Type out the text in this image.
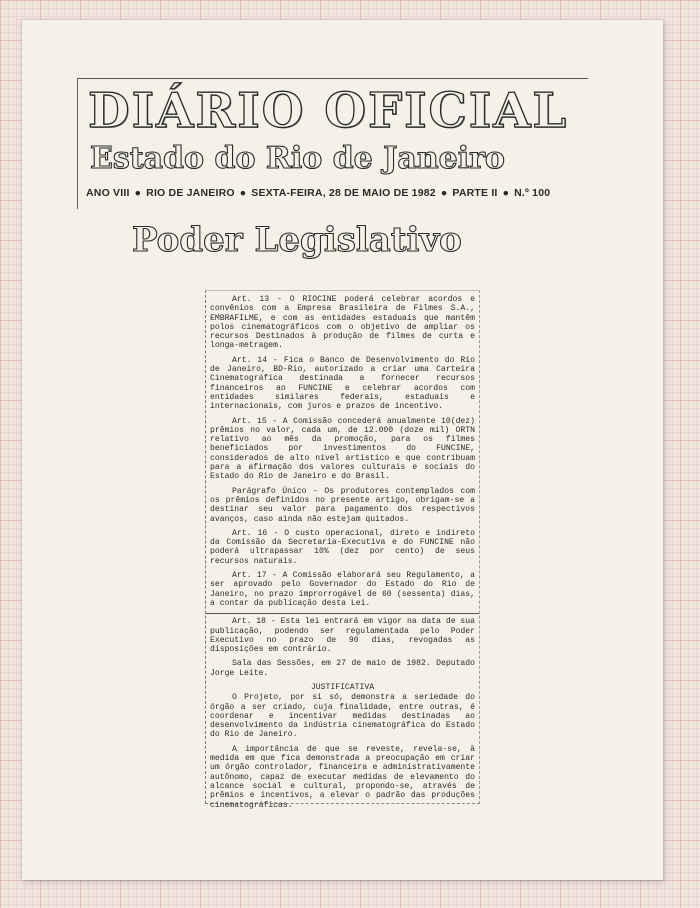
DIÁRIO OFICIAL
Estado do Rio de Janeiro
ANO VIII ● RIO DE JANEIRO ● SEXTA-FEIRA, 28 DE MAIO DE 1982 ● PARTE II ● N.º 100
Poder Legislativo

Art. 13 - O RIOCINE poderá celebrar acordos e convênios com a Empresa Brasileira de Filmes S.A., EMBRAFILME, e com as entidades estaduais que mantêm polos cinematográficos com o objetivo de ampliar os recursos Destinados à produção de filmes de curta e longa-metragem.

Art. 14 - Fica o Banco de Desenvolvimento do Rio de Janeiro, BD-Rio, autorizado a criar uma Carteira Cinematográfica destinada a fornecer recursos financeiros ao FUNCINE e celebrar acordos com entidades similares federais, estaduais e internacionais, com juros e prazos de incentivo.

Art. 15 - A Comissão concederá anualmente 10(dez) prêmios no valor, cada um, de 12.000 (doze mil) ORTN relativo ao mês da promoção, para os filmes beneficiados por investimentos do FUNCINE, considerados de alto nível artístico e que contribuam para a afirmação dos valores culturais e sociais do Estado do Rio de Janeiro e do Brasil.

Parágrafo Único - Os produtores contemplados com os prêmios definidos no presente artigo, obrigam-se a destinar seu valor para pagamento dos respectivos avanços, caso ainda não estejam quitados.

Art. 16 - O custo operacional, direto e indireto da Comissão da Secretaria-Executiva e do FUNCINE não poderá ultrapassar 10% (dez por cento) de seus recursos naturais.

Art. 17 - A Comissão elaborará seu Regulamento, a ser aprovado pelo Governador do Estado do Rio de Janeiro, no prazo improrrogável de 60 (sessenta) dias, a contar da publicação desta Lei.

Art. 18 - Esta lei entrará em vigor na data de sua publicação, podendo ser regulamentada pelo Poder Executivo no prazo de 90 dias, revogadas as disposições em contrário.

Sala das Sessões, em 27 de maio de 1982. Deputado Jorge Leite.

JUSTIFICATIVA

O Projeto, por si só, demonstra a seriedade do órgão a ser criado, cuja finalidade, entre outras, é coordenar e incentivar medidas destinadas ao desenvolvimento da indústria cinematográfica do Estado do Rio de Janeiro.

A importância de que se reveste, revela-se, à medida em que fica demonstrada a preocupação em criar um órgão controlador, financeira e administrativamente autônomo, capaz de executar medidas de elevamento do alcance social e cultural, propondo-se, através de prêmios e incentivos, a elevar o padrão das produções cinematográficas.
